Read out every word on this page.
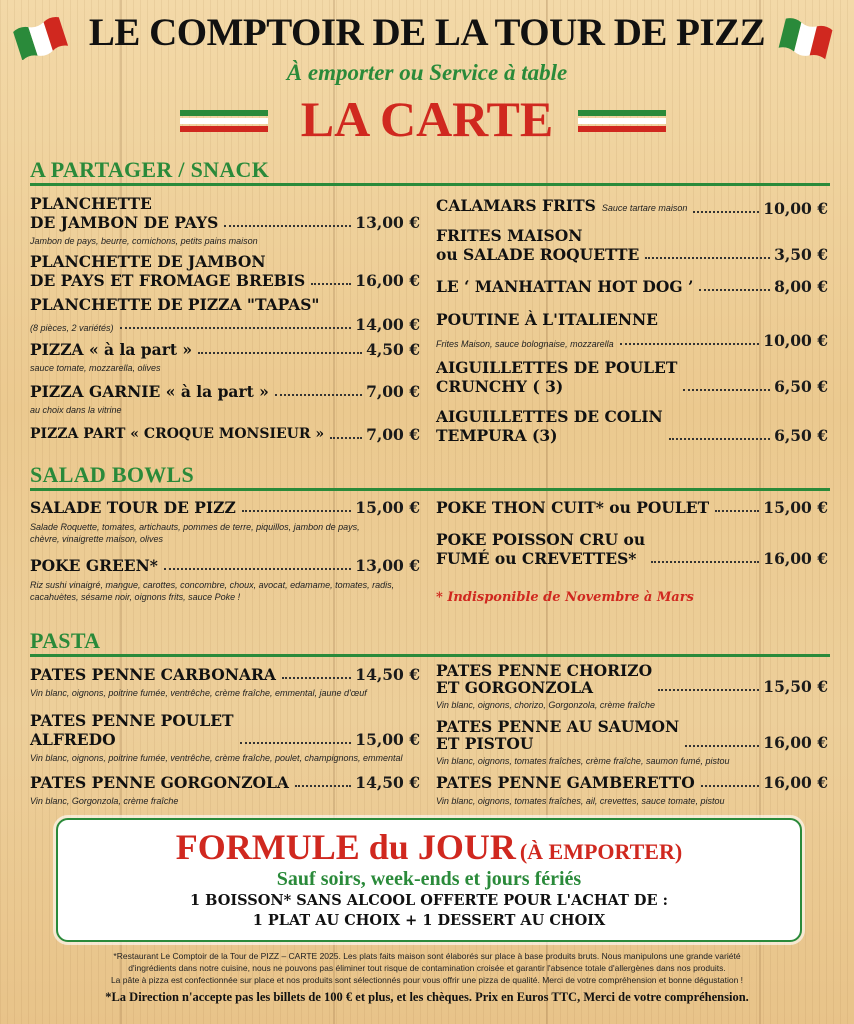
LE COMPTOIR DE LA TOUR DE PIZZ
À emporter ou Service à table
LA CARTE
A PARTAGER / SNACK
PLANCHETTE
DE JAMBON DE PAYS	13,00 €
Jambon de pays, beurre, cornichons, petits pains maison
PLANCHETTE DE JAMBON
DE PAYS ET FROMAGE BREBIS	16,00 €
PLANCHETTE DE PIZZA "TAPAS"
(8 pièces, 2 variétés)	14,00 €
PIZZA « à la part »	4,50 €
sauce tomate, mozzarella, olives
PIZZA GARNIE « à la part »	7,00 €
au choix dans la vitrine
PIZZA PART « CROQUE MONSIEUR »	7,00 €
CALAMARS FRITS Sauce tartare maison	10,00 €
FRITES MAISON
ou SALADE ROQUETTE	3,50 €
LE ‘ MANHATTAN HOT DOG ’	8,00 €
POUTINE À L'ITALIENNE
Frites Maison, sauce bolognaise, mozzarella	10,00 €
AIGUILLETTES DE POULET
CRUNCHY ( 3)	6,50 €
AIGUILLETTES DE COLIN
TEMPURA (3)	6,50 €
SALAD BOWLS
SALADE TOUR DE PIZZ	15,00 €
Salade Roquette, tomates, artichauts, pommes de terre, piquillos, jambon de pays, chèvre, vinaigrette maison, olives
POKE GREEN*	13,00 €
Riz sushi vinaigré, mangue, carottes, concombre, choux, avocat, edamame, tomates, radis, cacahuètes, sésame noir, oignons frits, sauce Poke !
POKE THON CUIT* ou POULET	15,00 €
POKE POISSON CRU ou
FUMÉ ou CREVETTES*	16,00 €
* Indisponible de Novembre à Mars
PASTA
PATES PENNE CARBONARA	14,50 €
Vin blanc, oignons, poitrine fumée, ventrêche, crème fraîche, emmental, jaune d'œuf
PATES PENNE POULET
ALFREDO	15,00 €
Vin blanc, oignons, poitrine fumée, ventrêche, crème fraîche, poulet, champignons, emmental
PATES PENNE GORGONZOLA	14,50 €
Vin blanc, Gorgonzola, crème fraîche
PATES PENNE CHORIZO
ET GORGONZOLA	15,50 €
Vin blanc, oignons, chorizo, Gorgonzola, crème fraîche
PATES PENNE AU SAUMON
ET PISTOU	16,00 €
Vin blanc, oignons, tomates fraîches, crème fraîche, saumon fumé, pistou
PATES PENNE GAMBERETTO	16,00 €
Vin blanc, oignons, tomates fraîches, ail, crevettes, sauce tomate, pistou
FORMULE du JOUR (À EMPORTER)
Sauf soirs, week-ends et jours fériés
1 BOISSON* SANS ALCOOL OFFERTE POUR L'ACHAT DE :
1 PLAT AU CHOIX + 1 DESSERT AU CHOIX
*Restaurant Le Comptoir de la Tour de PIZZ – CARTE 2025. Les plats faits maison sont élaborés sur place à base produits bruts. Nous manipulons une grande variété
d'ingrédients dans notre cuisine, nous ne pouvons pas éliminer tout risque de contamination croisée et garantir l'absence totale d'allergènes dans nos produits.
La pâte à pizza est confectionnée sur place et nos produits sont sélectionnés pour vous offrir une pizza de qualité. Merci de votre compréhension et bonne dégustation !
*La Direction n'accepte pas les billets de 100 € et plus, et les chèques. Prix en Euros TTC, Merci de votre compréhension.
